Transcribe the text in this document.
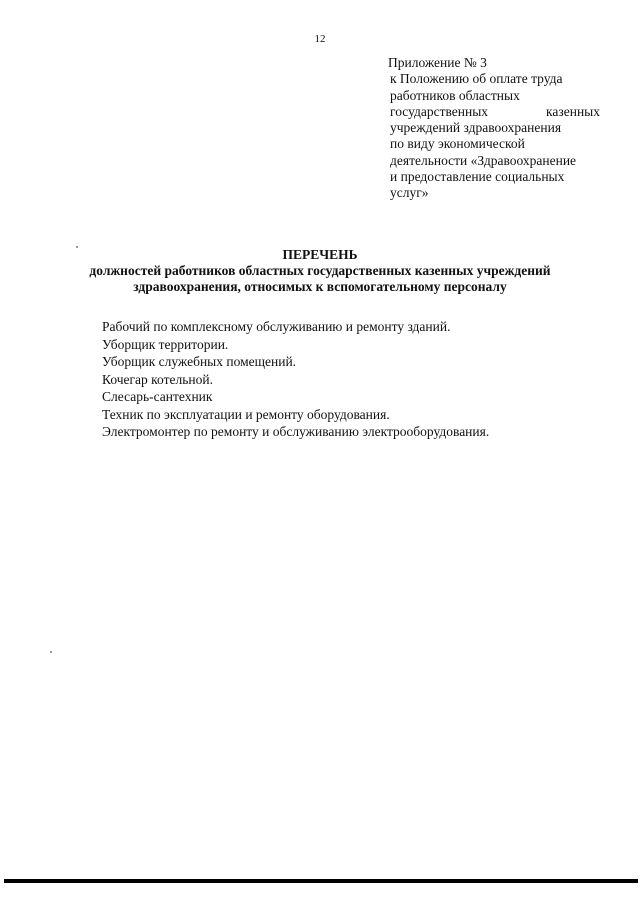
12
Приложение № 3
к Положению об оплате труда
работников областных
государственных	казенных
учреждений здравоохранения
по виду экономической
деятельности «Здравоохранение
и предоставление социальных
услуг»
ПЕРЕЧЕНЬ
должностей работников областных государственных казенных учреждений
здравоохранения, относимых к вспомогательному персоналу
Рабочий по комплексному обслуживанию и ремонту зданий.
Уборщик территории.
Уборщик служебных помещений.
Кочегар котельной.
Слесарь-сантехник
Техник по эксплуатации и ремонту оборудования.
Электромонтер по ремонту и обслуживанию электрооборудования.
